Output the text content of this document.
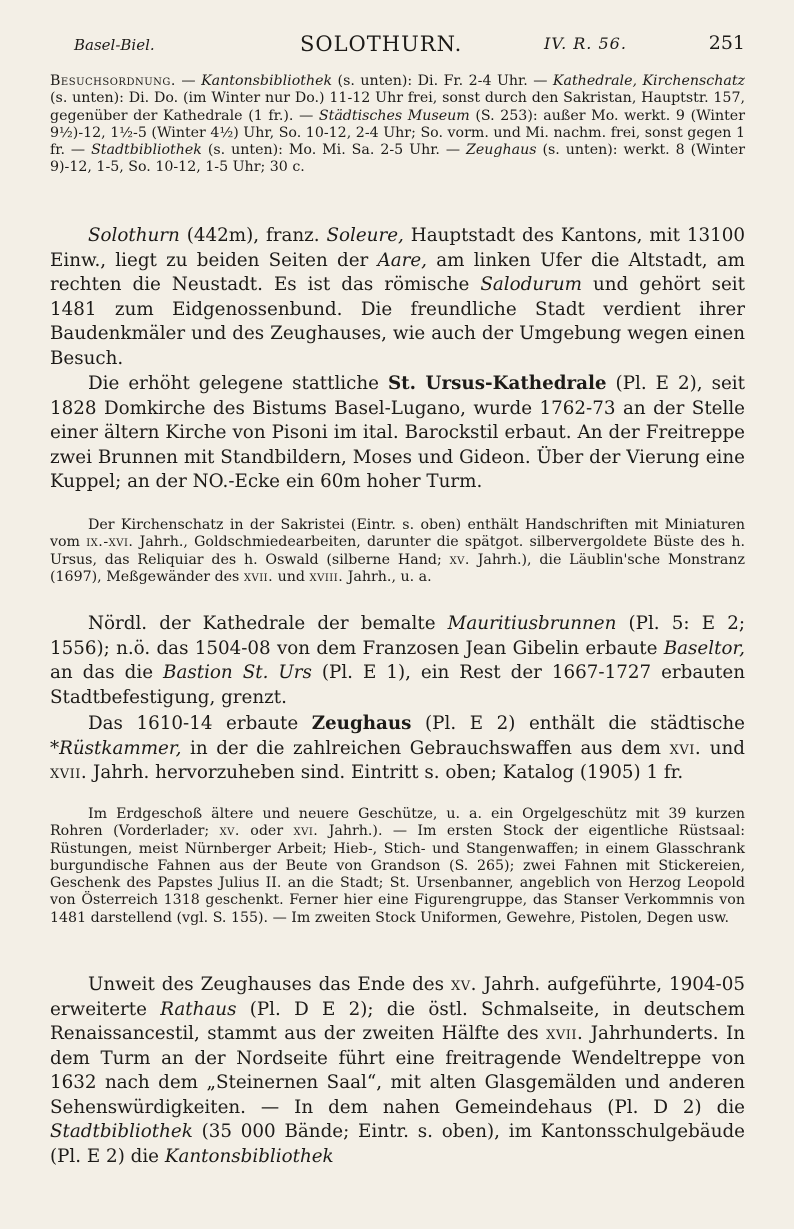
Basel-Biel.	SOLOTHURN.	IV. R. 56.	251
Besuchsordnung. — Kantonsbibliothek (s. unten): Di. Fr. 2-4 Uhr. — Kathedrale, Kirchenschatz (s. unten): Di. Do. (im Winter nur Do.) 11-12 Uhr frei, sonst durch den Sakristan, Hauptstr. 157, gegenüber der Kathedrale (1 fr.). — Städtisches Museum (S. 253): außer Mo. werkt. 9 (Winter 9½)-12, 1½-5 (Winter 4½) Uhr, So. 10-12, 2-4 Uhr; So. vorm. und Mi. nachm. frei, sonst gegen 1 fr. — Stadtbibliothek (s. unten): Mo. Mi. Sa. 2-5 Uhr. — Zeughaus (s. unten): werkt. 8 (Winter 9)-12, 1-5, So. 10-12, 1-5 Uhr; 30 c.
Solothurn (442m), franz. Soleure, Hauptstadt des Kantons, mit 13100 Einw., liegt zu beiden Seiten der Aare, am linken Ufer die Altstadt, am rechten die Neustadt. Es ist das römische Salodurum und gehört seit 1481 zum Eidgenossenbund. Die freundliche Stadt verdient ihrer Baudenkmäler und des Zeughauses, wie auch der Umgebung wegen einen Besuch.
Die erhöht gelegene stattliche St. Ursus-Kathedrale (Pl. E 2), seit 1828 Domkirche des Bistums Basel-Lugano, wurde 1762-73 an der Stelle einer ältern Kirche von Pisoni im ital. Barockstil erbaut. An der Freitreppe zwei Brunnen mit Standbildern, Moses und Gideon. Über der Vierung eine Kuppel; an der NO.-Ecke ein 60m hoher Turm.
Der Kirchenschatz in der Sakristei (Eintr. s. oben) enthält Handschriften mit Miniaturen vom ix.-xvi. Jahrh., Goldschmiedearbeiten, darunter die spätgot. silbervergoldete Büste des h. Ursus, das Reliquiar des h. Oswald (silberne Hand; xv. Jahrh.), die Läublin'sche Monstranz (1697), Meßgewänder des xvii. und xviii. Jahrh., u. a.
Nördl. der Kathedrale der bemalte Mauritiusbrunnen (Pl. 5: E 2; 1556); n.ö. das 1504-08 von dem Franzosen Jean Gibelin erbaute Baseltor, an das die Bastion St. Urs (Pl. E 1), ein Rest der 1667-1727 erbauten Stadtbefestigung, grenzt.
Das 1610-14 erbaute Zeughaus (Pl. E 2) enthält die städtische *Rüstkammer, in der die zahlreichen Gebrauchswaffen aus dem xvi. und xvii. Jahrh. hervorzuheben sind. Eintritt s. oben; Katalog (1905) 1 fr.
Im Erdgeschoß ältere und neuere Geschütze, u. a. ein Orgelgeschütz mit 39 kurzen Rohren (Vorderlader; xv. oder xvi. Jahrh.). — Im ersten Stock der eigentliche Rüstsaal: Rüstungen, meist Nürnberger Arbeit; Hieb-, Stich- und Stangenwaffen; in einem Glasschrank burgundische Fahnen aus der Beute von Grandson (S. 265); zwei Fahnen mit Stickereien, Geschenk des Papstes Julius II. an die Stadt; St. Ursenbanner, angeblich von Herzog Leopold von Österreich 1318 geschenkt. Ferner hier eine Figurengruppe, das Stanser Verkommnis von 1481 darstellend (vgl. S. 155). — Im zweiten Stock Uniformen, Gewehre, Pistolen, Degen usw.
Unweit des Zeughauses das Ende des xv. Jahrh. aufgeführte, 1904-05 erweiterte Rathaus (Pl. D E 2); die östl. Schmalseite, in deutschem Renaissancestil, stammt aus der zweiten Hälfte des xvii. Jahrhunderts. In dem Turm an der Nordseite führt eine freitragende Wendeltreppe von 1632 nach dem „Steinernen Saal“, mit alten Glasgemälden und anderen Sehenswürdigkeiten. — In dem nahen Gemeindehaus (Pl. D 2) die Stadtbibliothek (35 000 Bände; Eintr. s. oben), im Kantonsschulgebäude (Pl. E 2) die Kantonsbibliothek
